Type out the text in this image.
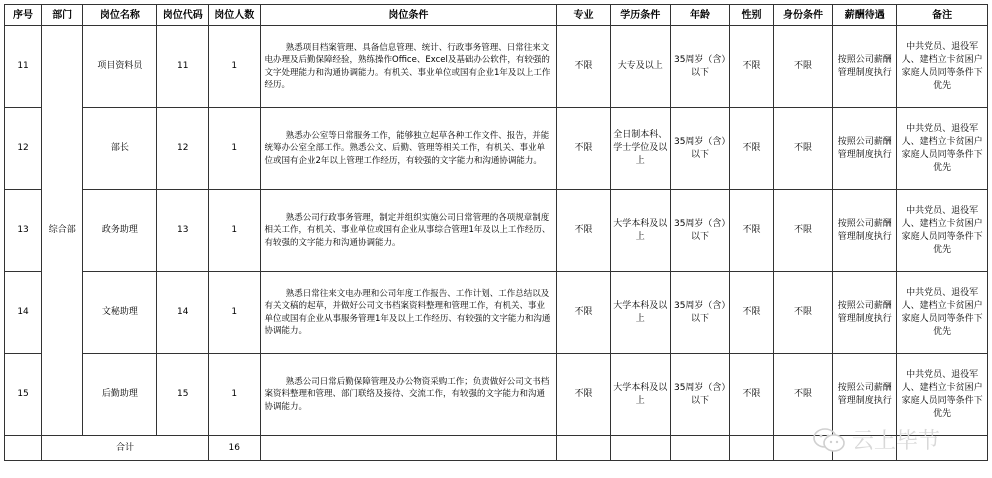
序号	部门	岗位名称	岗位代码	岗位人数	岗位条件	专业	学历条件	年龄	性别	身份条件	薪酬待遇	备注
11	综合部	项目资料员	11	1	熟悉项目档案管理、具备信息管理、统计、行政事务管理、日常往来文电办理及后勤保障经验，熟练操作Office、Excel及基础办公软件，有较强的文字处理能力和沟通协调能力。有机关、事业单位或国有企业1年及以上工作经历。	不限	大专及以上	35周岁（含）以下	不限	不限	按照公司薪酬管理制度执行	中共党员、退役军人、建档立卡贫困户家庭人员同等条件下优先
12		部长	12	1	熟悉办公室等日常服务工作，能够独立起草各种工作文件、报告，并能统筹办公室全部工作。熟悉公文、后勤、管理等相关工作，有机关、事业单位或国有企业2年以上管理工作经历，有较强的文字能力和沟通协调能力。	不限	全日制本科、学士学位及以上	35周岁（含）以下	不限	不限	按照公司薪酬管理制度执行	中共党员、退役军人、建档立卡贫困户家庭人员同等条件下优先
13		政务助理	13	1	熟悉公司行政事务管理，制定并组织实施公司日常管理的各项规章制度相关工作，有机关、事业单位或国有企业从事综合管理1年及以上工作经历、有较强的文字能力和沟通协调能力。	不限	大学本科及以上	35周岁（含）以下	不限	不限	按照公司薪酬管理制度执行	中共党员、退役军人、建档立卡贫困户家庭人员同等条件下优先
14		文秘助理	14	1	熟悉日常往来文电办理和公司年度工作报告、工作计划、工作总结以及有关文稿的起草，并做好公司文书档案资料整理和管理工作，有机关、事业单位或国有企业从事服务管理1年及以上工作经历、有较强的文字能力和沟通协调能力。	不限	大学本科及以上	35周岁（含）以下	不限	不限	按照公司薪酬管理制度执行	中共党员、退役军人、建档立卡贫困户家庭人员同等条件下优先
15		后勤助理	15	1	熟悉公司日常后勤保障管理及办公物资采购工作；负责做好公司文书档案资料整理和管理、部门联络及接待、交流工作，有较强的文字能力和沟通协调能力。	不限	大学本科及以上	35周岁（含）以下	不限	不限	按照公司薪酬管理制度执行	中共党员、退役军人、建档立卡贫困户家庭人员同等条件下优先
	合计			16									云上毕节
